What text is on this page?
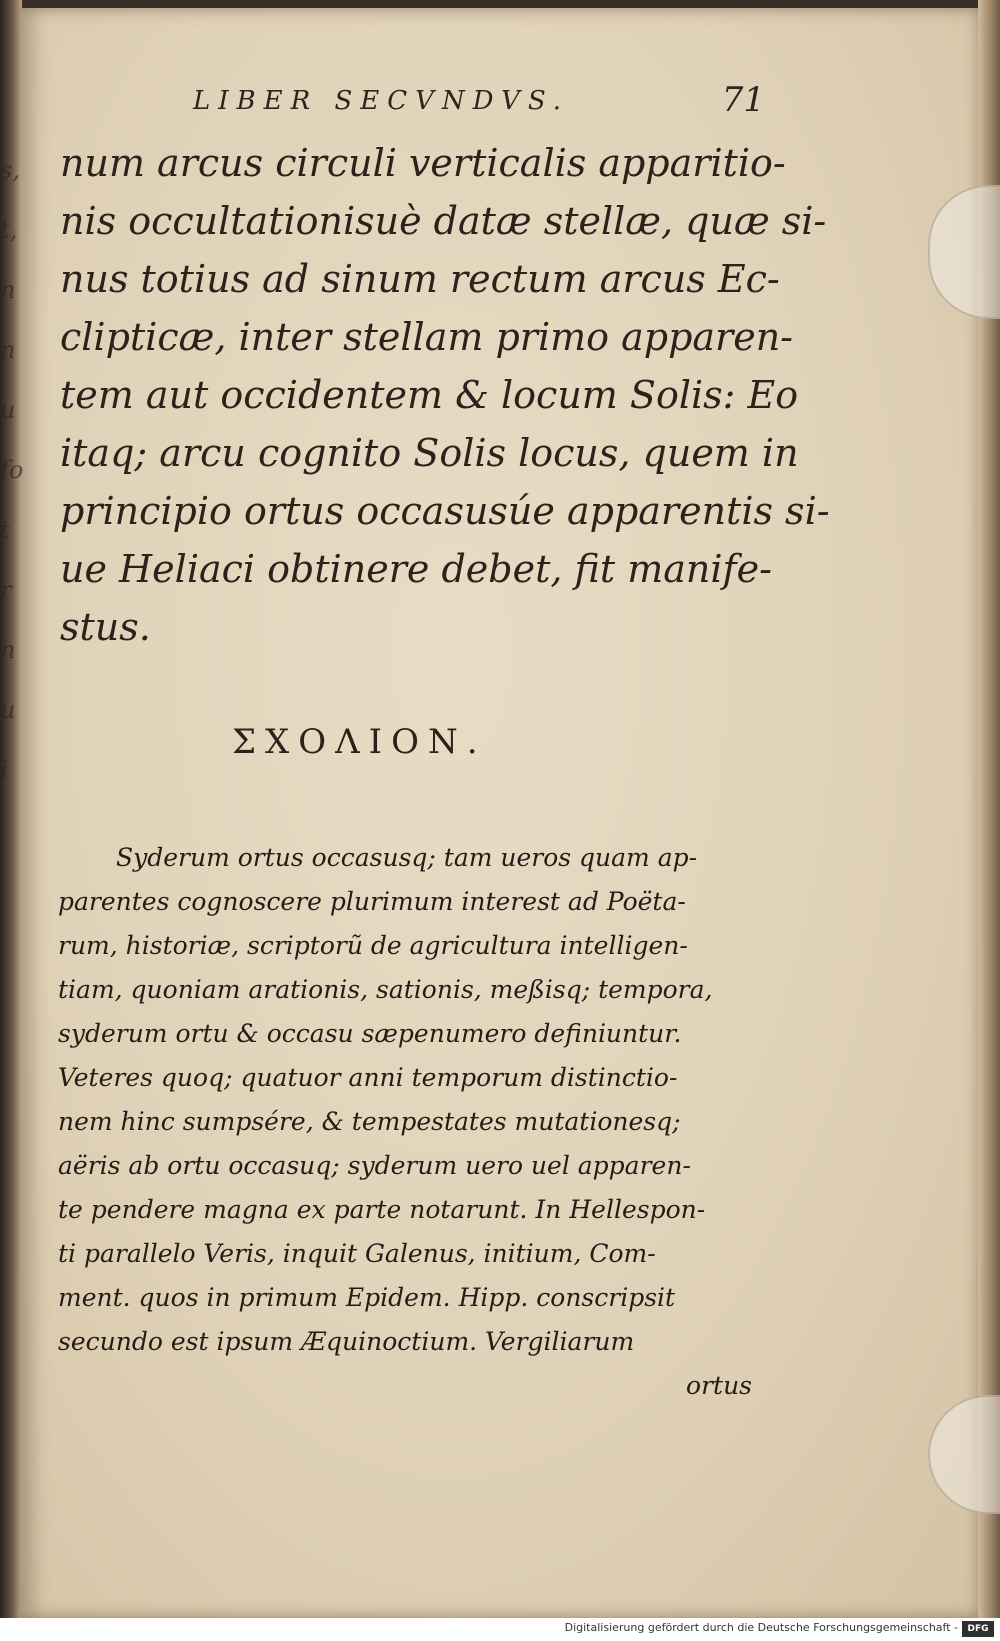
s,
t,
n
n
u
fo
t
r
n
u
i
LIBER SECVNDVS.	71
num arcus circuli verticalis apparitio-
nis occultationisuè datæ stellæ, quæ si-
nus totius ad sinum rectum arcus Ec-
clipticæ, inter stellam primo apparen-
tem aut occidentem & locum Solis: Eo
itaq; arcu cognito Solis locus, quem in
principio ortus occasusúe apparentis si-
ue Heliaci obtinere debet, fit manife-
stus.
ΣΧΟΛΙΟΝ.
Syderum ortus occasusq; tam ueros quam ap-
parentes cognoscere plurimum interest ad Poëta-
rum, historiæ, scriptorũ de agricultura intelligen-
tiam, quoniam arationis, sationis, meßisq; tempora,
syderum ortu & occasu sæpenumero definiuntur.
Veteres quoq; quatuor anni temporum distinctio-
nem hinc sumpsére, & tempestates mutationesq;
aëris ab ortu occasuq; syderum uero uel apparen-
te pendere magna ex parte notarunt. In Hellespon-
ti parallelo Veris, inquit Galenus, initium, Com-
ment. quos in primum Epidem. Hipp. conscripsit
secundo est ipsum Æquinoctium. Vergiliarum
ortus
Digitalisierung gefördert durch die Deutsche Forschungsgemeinschaft -	DFG
